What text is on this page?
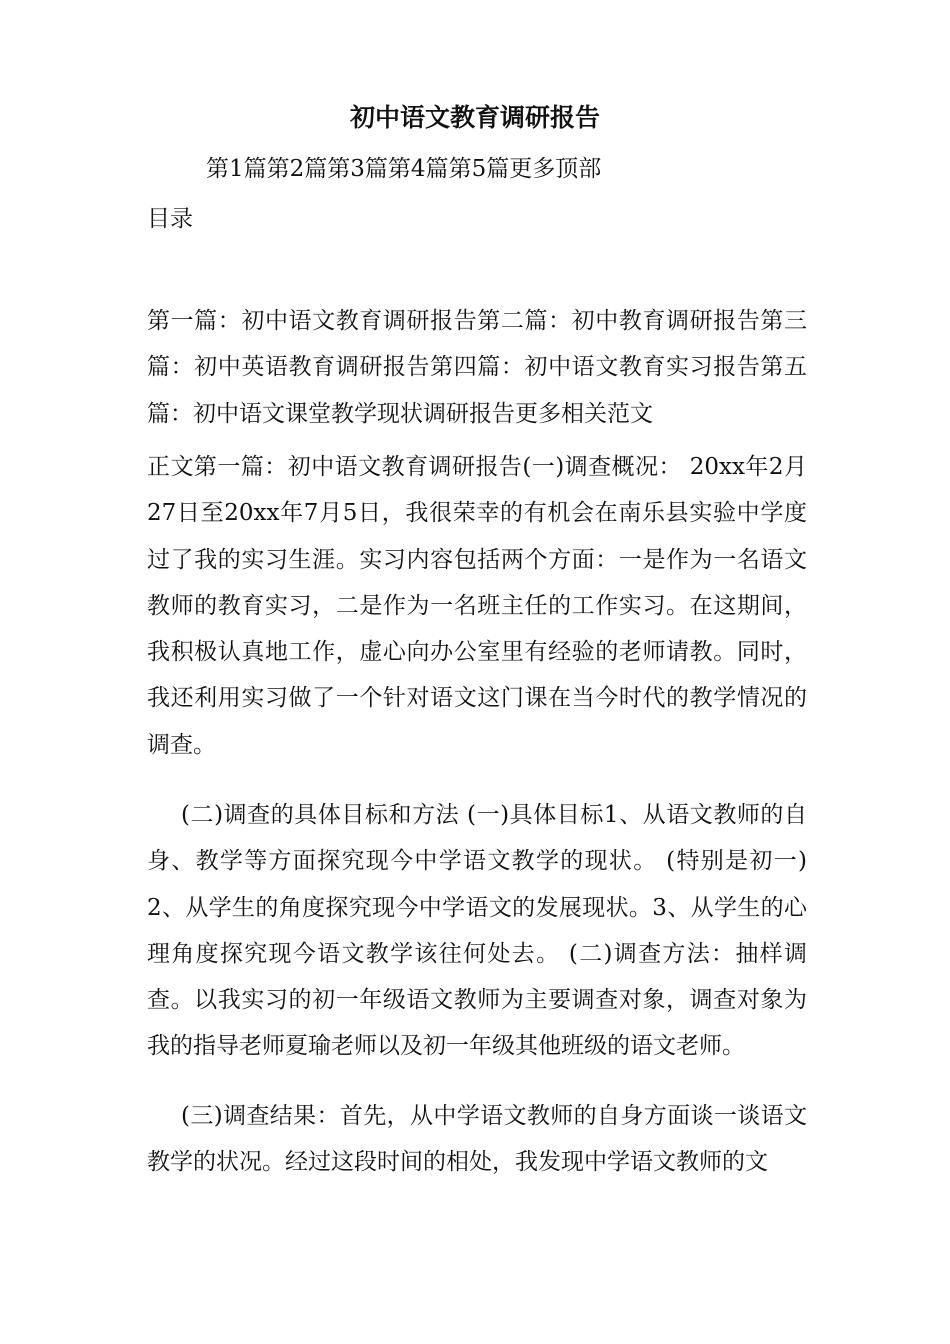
初中语文教育调研报告
第1篇第2篇第3篇第4篇第5篇更多顶部
目录

第一篇：初中语文教育调研报告第二篇：初中教育调研报告第三篇：初中英语教育调研报告第四篇：初中语文教育实习报告第五篇：初中语文课堂教学现状调研报告更多相关范文

正文第一篇：初中语文教育调研报告(一)调查概况： 20xx年2月27日至20xx年7月5日，我很荣幸的有机会在南乐县实验中学度过了我的实习生涯。实习内容包括两个方面：一是作为一名语文教师的教育实习，二是作为一名班主任的工作实习。在这期间，我积极认真地工作，虚心向办公室里有经验的老师请教。同时，我还利用实习做了一个针对语文这门课在当今时代的教学情况的调查。

(二)调查的具体目标和方法 (一)具体目标1、从语文教师的自身、教学等方面探究现今中学语文教学的现状。 (特别是初一)2、从学生的角度探究现今中学语文的发展现状。3、从学生的心理角度探究现今语文教学该往何处去。 (二)调查方法：抽样调查。以我实习的初一年级语文教师为主要调查对象，调查对象为我的指导老师夏瑜老师以及初一年级其他班级的语文老师。

(三)调查结果：首先，从中学语文教师的自身方面谈一谈语文教学的状况。经过这段时间的相处，我发现中学语文教师的文
